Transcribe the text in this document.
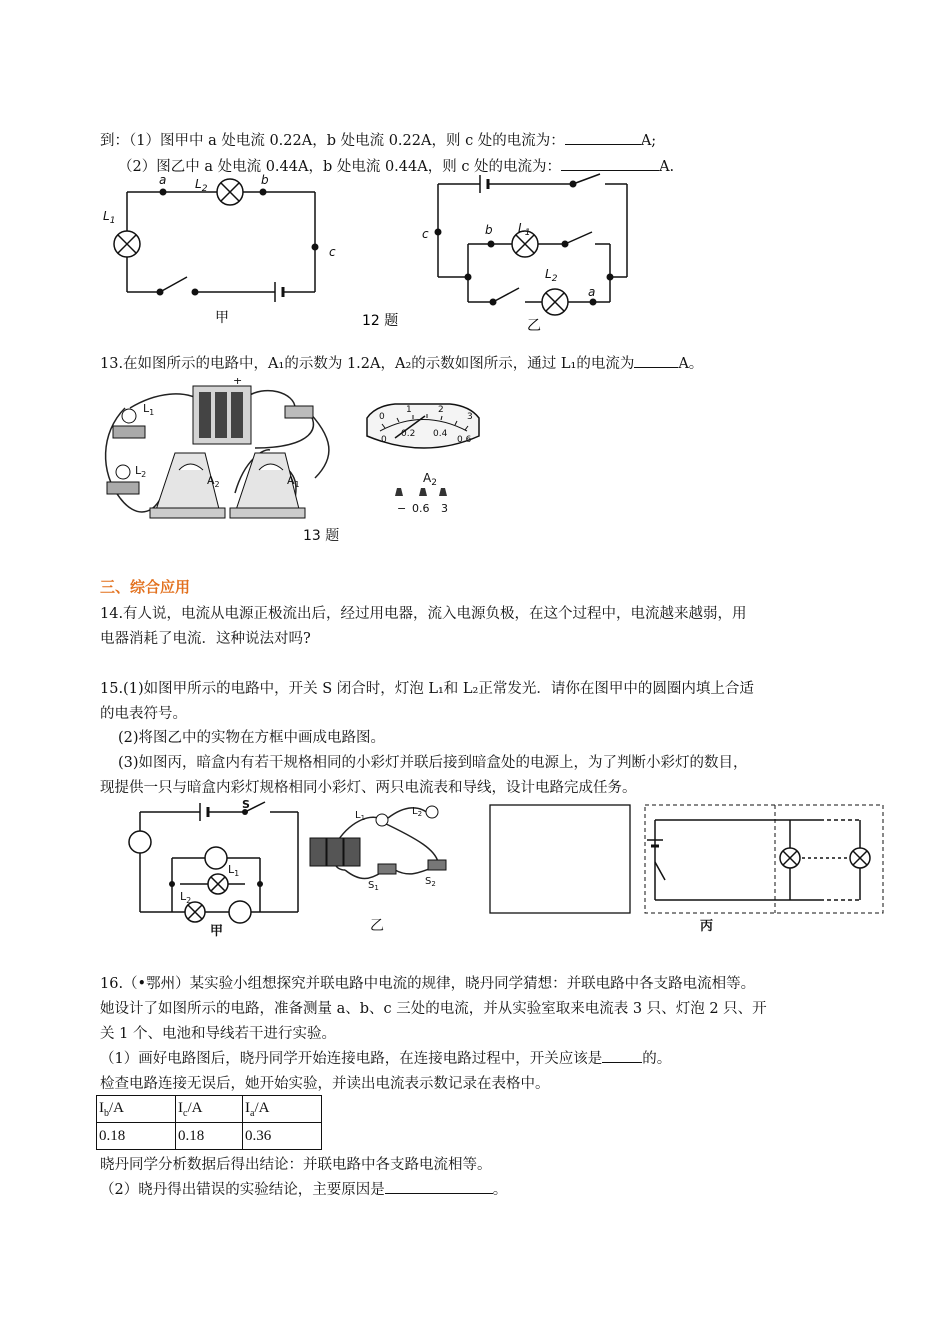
到：（1）图甲中 a 处电流 0.22A，b 处电流 0.22A，则 c 处的电流为：	A;
（2）图乙中 a 处电流 0.44A，b 处电流 0.44A，则 c 处的电流为：	A.
a	b
c
$L_2$
$L_1$
c	b $L_1$
$L_2$
a
甲	乙
12 题
13.在如图所示的电路中，A₁的示数为 1.2A，A₂的示数如图所示，通过 L₁的电流为	A。
+
$L_1$
$L_2$	$A_2$	$A_1$
0
1	2
3
0
0.2 0.4
0.6
$A_2$
− 0.6 3
13 题
三、综合应用
14.有人说，电流从电源正极流出后，经过用电器，流入电源负极，在这个过程中，电流越来越弱，用
电器消耗了电流．这种说法对吗?
15.(1)如图甲所示的电路中，开关 S 闭合时，灯泡 L₁和 L₂正常发光．请你在图甲中的圆圈内填上合适
的电表符号。
(2)将图乙中的实物在方框中画成电路图。
(3)如图丙，暗盒内有若干规格相同的小彩灯并联后接到暗盒处的电源上，为了判断小彩灯的数目，
现提供一只与暗盒内彩灯规格相同小彩灯、两只电流表和导线，设计电路完成任务。
S
$L_1$
$L_2$
甲
$L_1$
$L_2$
$S_1$
$S_2$
乙	丙
16.（•鄂州）某实验小组想探究并联电路中电流的规律，晓丹同学猜想：并联电路中各支路电流相等。
她设计了如图所示的电路，准备测量 a、b、c 三处的电流，并从实验室取来电流表 3 只、灯泡 2 只、开
关 1 个、电池和导线若干进行实验。
（1）画好电路图后，晓丹同学开始连接电路，在连接电路过程中，开关应该是	的。
检查电路连接无误后，她开始实验，并读出电流表示数记录在表格中。
$I_b/A$	$I_c/A$	$I_a/A$
0.18	0.18	0.36
晓丹同学分析数据后得出结论：并联电路中各支路电流相等。
（2）晓丹得出错误的实验结论，主要原因是	。
